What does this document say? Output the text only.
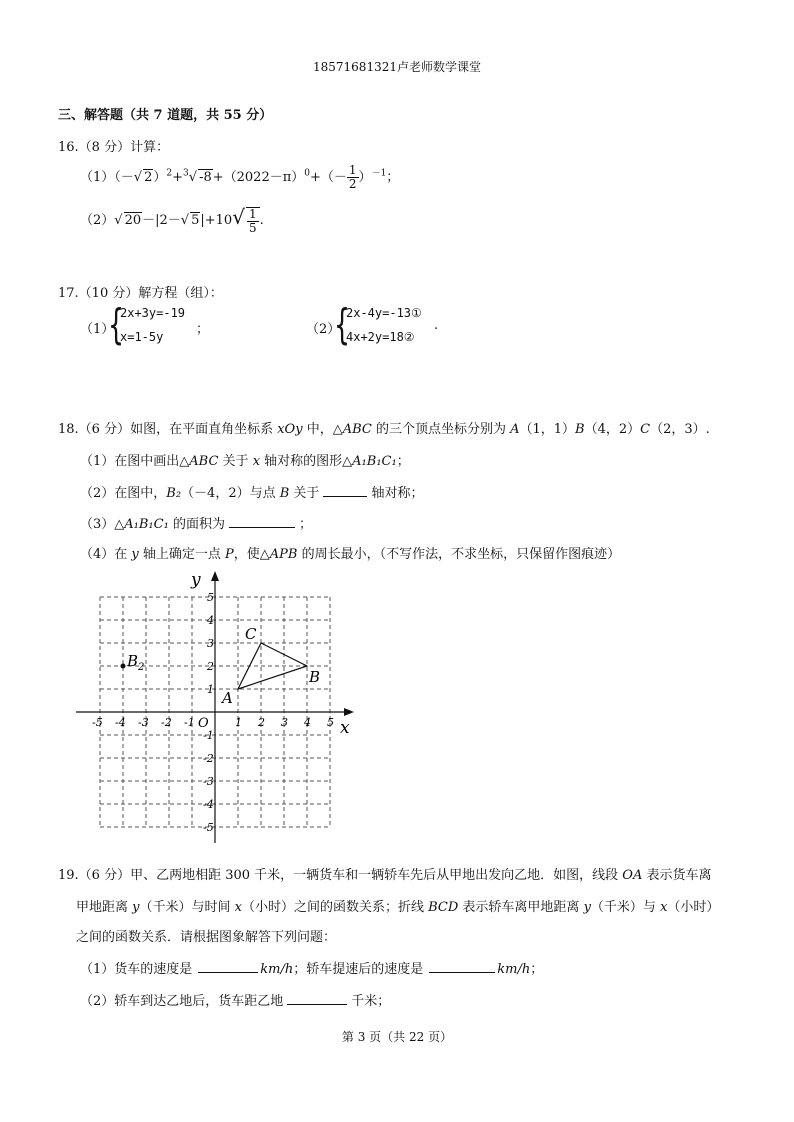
18571681321卢老师数学课堂
三、解答题（共 7 道题，共 55 分）
16.（8 分）计算：
（1）（－√ 2）$^2$+$^3$√ $-8+(2022-\pi)^0+(- \frac{1}{2} )^{-1}$；
（2）√ 20－|2－√ $5|+10√ \frac{1}{5}$ .
17.（10 分）解方程（组）：
（1）
{
2x+3y=-19
x=1-5y	；	（2）
{
2x-4y=-13①
4x+2y=18②
.
18.（6 分）如图，在平面直角坐标系 xOy 中，△ABC 的三个顶点坐标分别为 A（1，1）B（4，2）C（2，3）.
（1）在图中画出△ABC 关于 x 轴对称的图形△A₁B₁C₁；
（2）在图中，B₂（－4，2）与点 B 关于	轴对称；
（3）△A₁B₁C₁ 的面积为	；
（4）在 y 轴上确定一点 P，使△APB 的周长最小，（不写作法，不求坐标，只保留作图痕迹）
x
y
O
-5 -4 -3 -2 -1	1 2 3 4 5
5
4
3
2
1
-1
-2
-3
-4
-5
A
B
C
$B_2$
19.（6 分）甲、乙两地相距 300 千米，一辆货车和一辆轿车先后从甲地出发向乙地．如图，线段 OA 表示货车离
甲地距离 y（千米）与时间 x（小时）之间的函数关系；折线 BCD 表示轿车离甲地距离 y（千米）与 x（小时）
之间的函数关系．请根据图象解答下列问题：
（1）货车的速度是	km/h；轿车提速后的速度是	km/h；
（2）轿车到达乙地后，货车距乙地	千米；
第 3 页（共 22 页）
